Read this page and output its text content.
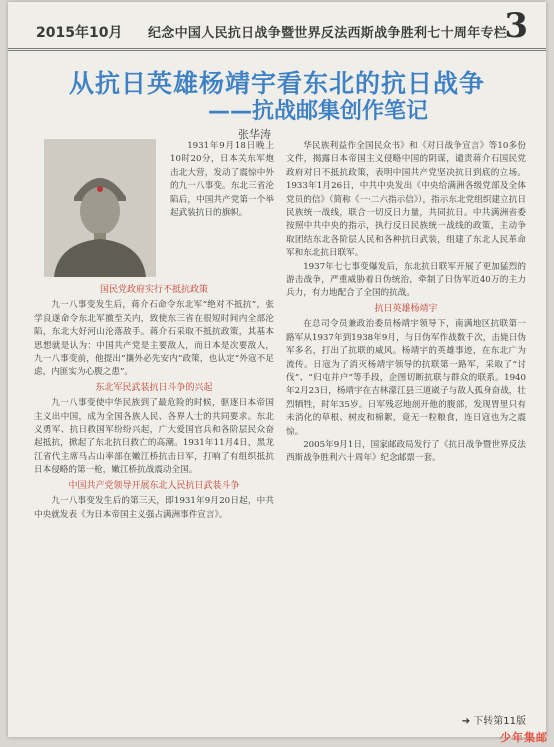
2015年10月 纪念中国人民抗日战争暨世界反法西斯战争胜利七十周年专栏
3
从抗日英雄杨靖宇看东北的抗日战争
——抗战邮集创作笔记
张华涛

1931年9月18日晚上10时20分，日本关东军炮击北大营，发动了震惊中外的九一八事变。东北三省沦陷后，中国共产党第一个举起武装抗日的旗帜。

国民党政府实行不抵抗政策

九一八事变发生后，蒋介石命令东北军“绝对不抵抗”，张学良遂命令东北军撤至关内，致使东三省在很短时间内全部沦陷，东北大好河山沦落敌手。蒋介石采取不抵抗政策，其基本思想就是认为：中国共产党是主要敌人，而日本是次要敌人，九一八事变前，他提出“攘外必先安内”政策，也认定“外寇不足虑，内匪实为心腹之患”。

东北军民武装抗日斗争的兴起

九一八事变使中华民族到了最危险的时候，驱逐日本帝国主义出中国，成为全国各族人民、各界人士的共同要求。东北义勇军、抗日救国军纷纷兴起，广大爱国官兵和各阶层民众奋起抵抗，掀起了东北抗日救亡的高潮。1931年11月4日，黑龙江省代主席马占山率部在嫩江桥抗击日军，打响了有组织抵抗日本侵略的第一枪，嫩江桥抗战震动全国。

中国共产党领导开展东北人民抗日武装斗争

九一八事变发生后的第三天，即1931年9月20日起，中共中央就发表《为日本帝国主义强占满洲事件宣言》。

华民族利益作全国民众书》和《对日战争宣言》等10多份文件，揭露日本帝国主义侵略中国的阴谋，谴责蒋介石国民党政府对日不抵抗政策，表明中国共产党坚决抗日到底的立场。1933年1月26日，中共中央发出《中央给满洲各级党部及全体党员的信》（简称《一·二六指示信》），指示东北党组织建立抗日民族统一战线，联合一切反日力量，共同抗日。中共满洲省委按照中共中央的指示，执行反日民族统一战线的政策，主动争取团结东北各阶层人民和各种抗日武装，组建了东北人民革命军和东北抗日联军。

1937年七七事变爆发后，东北抗日联军开展了更加猛烈的游击战争，严重威胁着日伪统治，牵制了日伪军近40万的主力兵力，有力地配合了全国的抗战。

抗日英雄杨靖宇

在总司令员兼政治委员杨靖宇领导下，南满地区抗联第一路军从1937年到1938年9月，与日伪军作战数千次，击毙日伪军多名，打出了抗联的威风。杨靖宇的英雄事迹，在东北广为流传。日寇为了消灭杨靖宇领导的抗联第一路军，采取了“讨伐”、“归屯并户”等手段，企图切断抗联与群众的联系。1940年2月23日，杨靖宇在吉林濛江县三道崴子与敌人孤身奋战，壮烈牺牲，时年35岁。日军残忍地剖开他的腹部，发现胃里只有未消化的草根、树皮和棉絮，竟无一粒粮食，连日寇也为之震惊。

2005年9月1日，国家邮政局发行了《抗日战争暨世界反法西斯战争胜利六十周年》纪念邮票一套。

➔ 下转第11版
少年集邮
